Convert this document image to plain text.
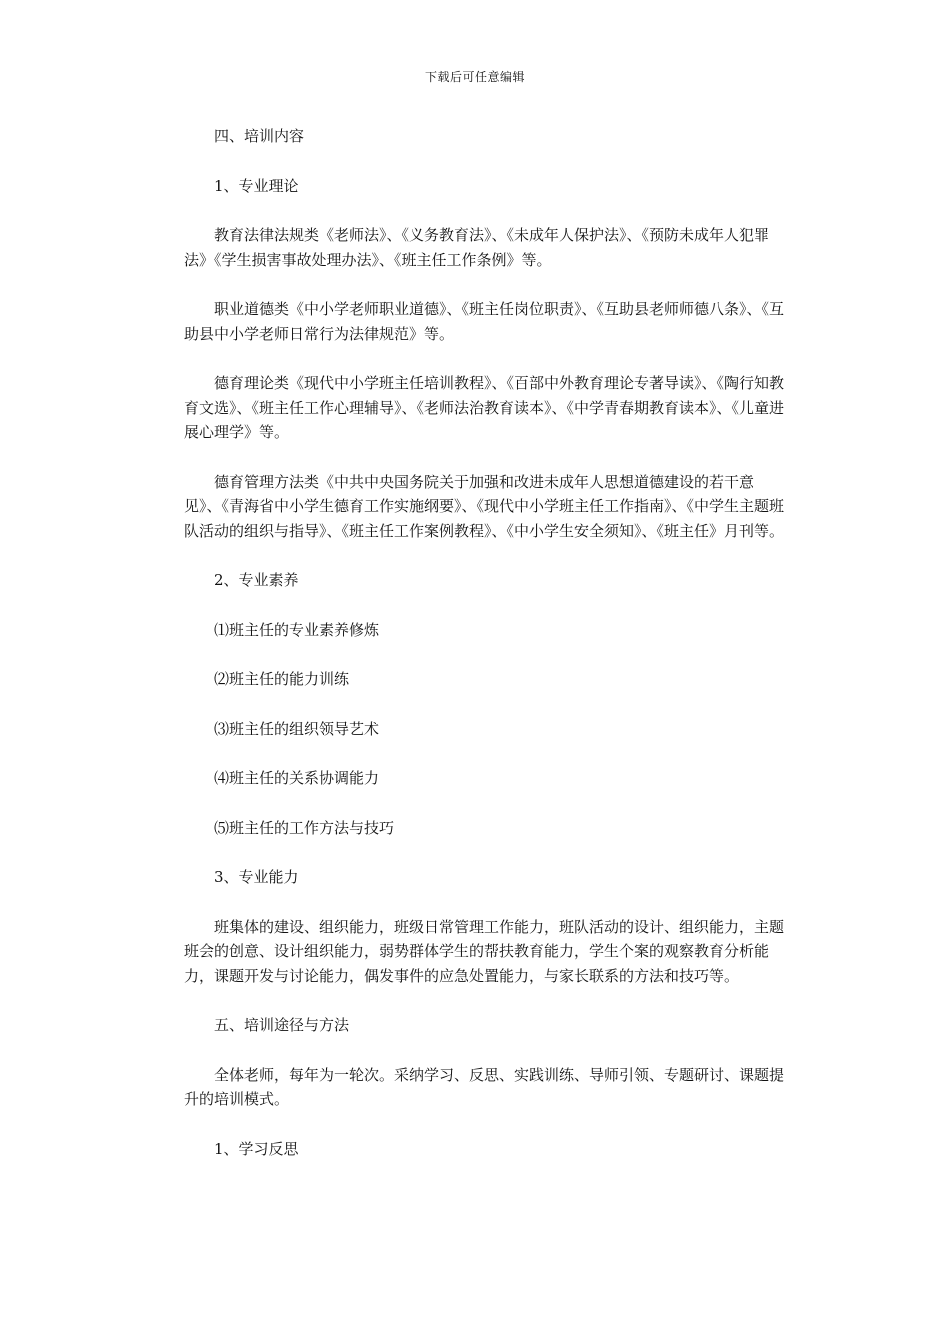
下载后可任意编辑

四、培训内容

1、专业理论

教育法律法规类《老师法》、《义务教育法》、《未成年人保护法》、《预防未成年人犯罪法》《学生损害事故处理办法》、《班主任工作条例》等。

职业道德类《中小学老师职业道德》、《班主任岗位职责》、《互助县老师师德八条》、《互助县中小学老师日常行为法律规范》等。

德育理论类《现代中小学班主任培训教程》、《百部中外教育理论专著导读》、《陶行知教育文选》、《班主任工作心理辅导》、《老师法治教育读本》、《中学青春期教育读本》、《儿童进展心理学》等。

德育管理方法类《中共中央国务院关于加强和改进未成年人思想道德建设的若干意见》、《青海省中小学生德育工作实施纲要》、《现代中小学班主任工作指南》、《中学生主题班队活动的组织与指导》、《班主任工作案例教程》、《中小学生安全须知》、《班主任》月刊等。

2、专业素养

⑴班主任的专业素养修炼

⑵班主任的能力训练

⑶班主任的组织领导艺术

⑷班主任的关系协调能力

⑸班主任的工作方法与技巧

3、专业能力

班集体的建设、组织能力，班级日常管理工作能力，班队活动的设计、组织能力，主题班会的创意、设计组织能力，弱势群体学生的帮扶教育能力，学生个案的观察教育分析能力，课题开发与讨论能力，偶发事件的应急处置能力，与家长联系的方法和技巧等。

五、培训途径与方法

全体老师，每年为一轮次。采纳学习、反思、实践训练、导师引领、专题研讨、课题提升的培训模式。

1、学习反思
